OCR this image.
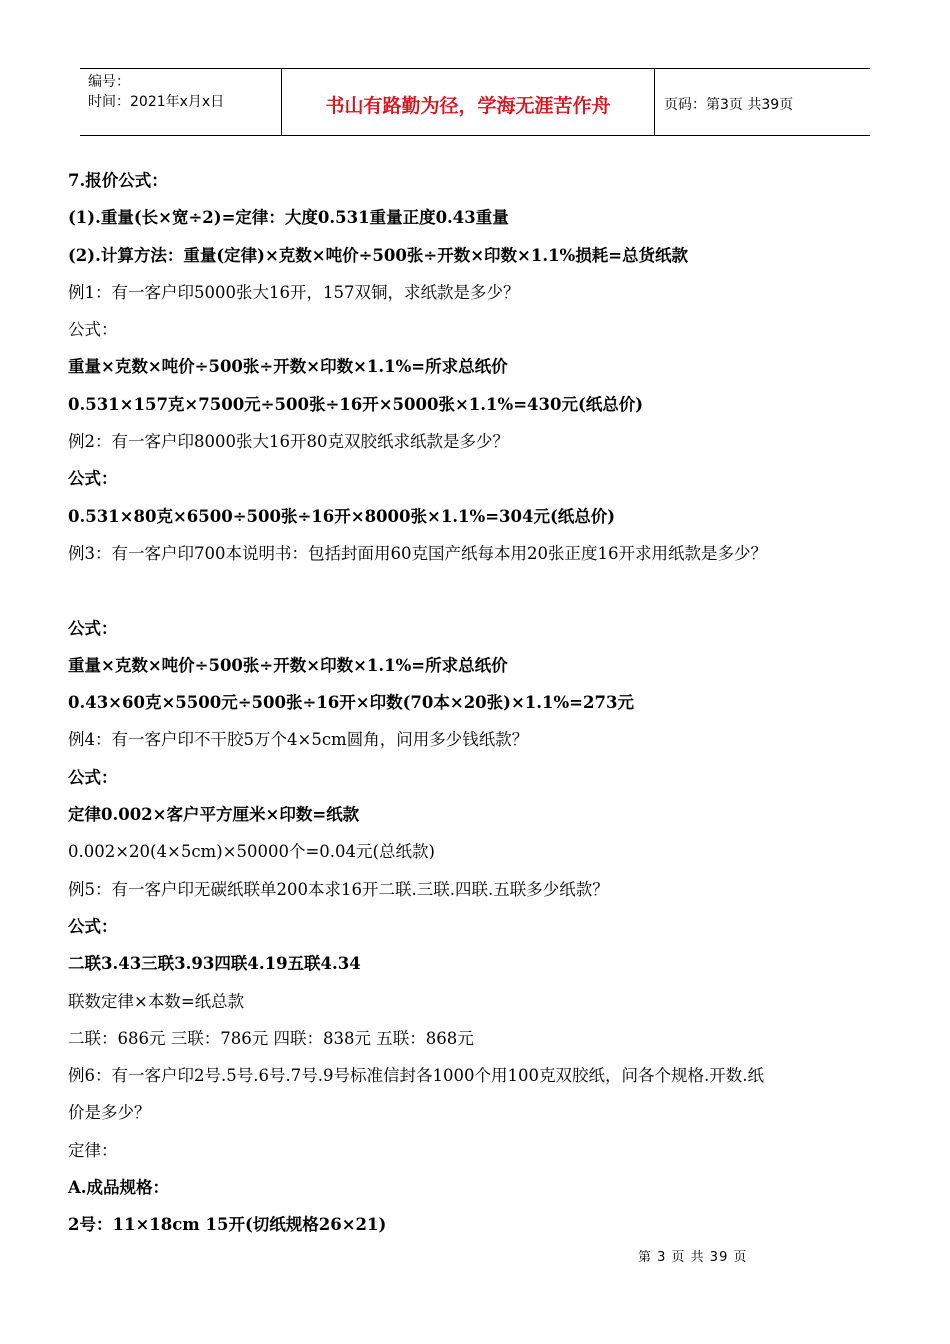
编号：
时间：2021年x月x日	书山有路勤为径，学海无涯苦作舟	页码：第3页 共39页

7.报价公式：

(1).重量(长×宽÷2)=定律：大度0.531重量正度0.43重量

(2).计算方法：重量(定律)×克数×吨价÷500张÷开数×印数×1.1%损耗=总货纸款

例1：有一客户印5000张大16开，157双铜，求纸款是多少？

公式：

重量×克数×吨价÷500张÷开数×印数×1.1%=所求总纸价

0.531×157克×7500元÷500张÷16开×5000张×1.1%=430元(纸总价)

例2：有一客户印8000张大16开80克双胶纸求纸款是多少？

公式：

0.531×80克×6500÷500张÷16开×8000张×1.1%=304元(纸总价)

例3：有一客户印700本说明书：包括封面用60克国产纸每本用20张正度16开求用纸款是多少？

公式：

重量×克数×吨价÷500张÷开数×印数×1.1%=所求总纸价

0.43×60克×5500元÷500张÷16开×印数(70本×20张)×1.1%=273元

例4：有一客户印不干胶5万个4×5cm圆角，问用多少钱纸款？

公式：

定律0.002×客户平方厘米×印数=纸款

0.002×20(4×5cm)×50000个=0.04元(总纸款)

例5：有一客户印无碳纸联单200本求16开二联.三联.四联.五联多少纸款？

公式：

二联3.43三联3.93四联4.19五联4.34

联数定律×本数=纸总款

二联：686元 三联：786元 四联：838元 五联：868元

例6：有一客户印2号.5号.6号.7号.9号标准信封各1000个用100克双胶纸，问各个规格.开数.纸

价是多少？

定律：

A.成品规格：

2号：11×18cm 15开(切纸规格26×21)

第 3 页 共 39 页
